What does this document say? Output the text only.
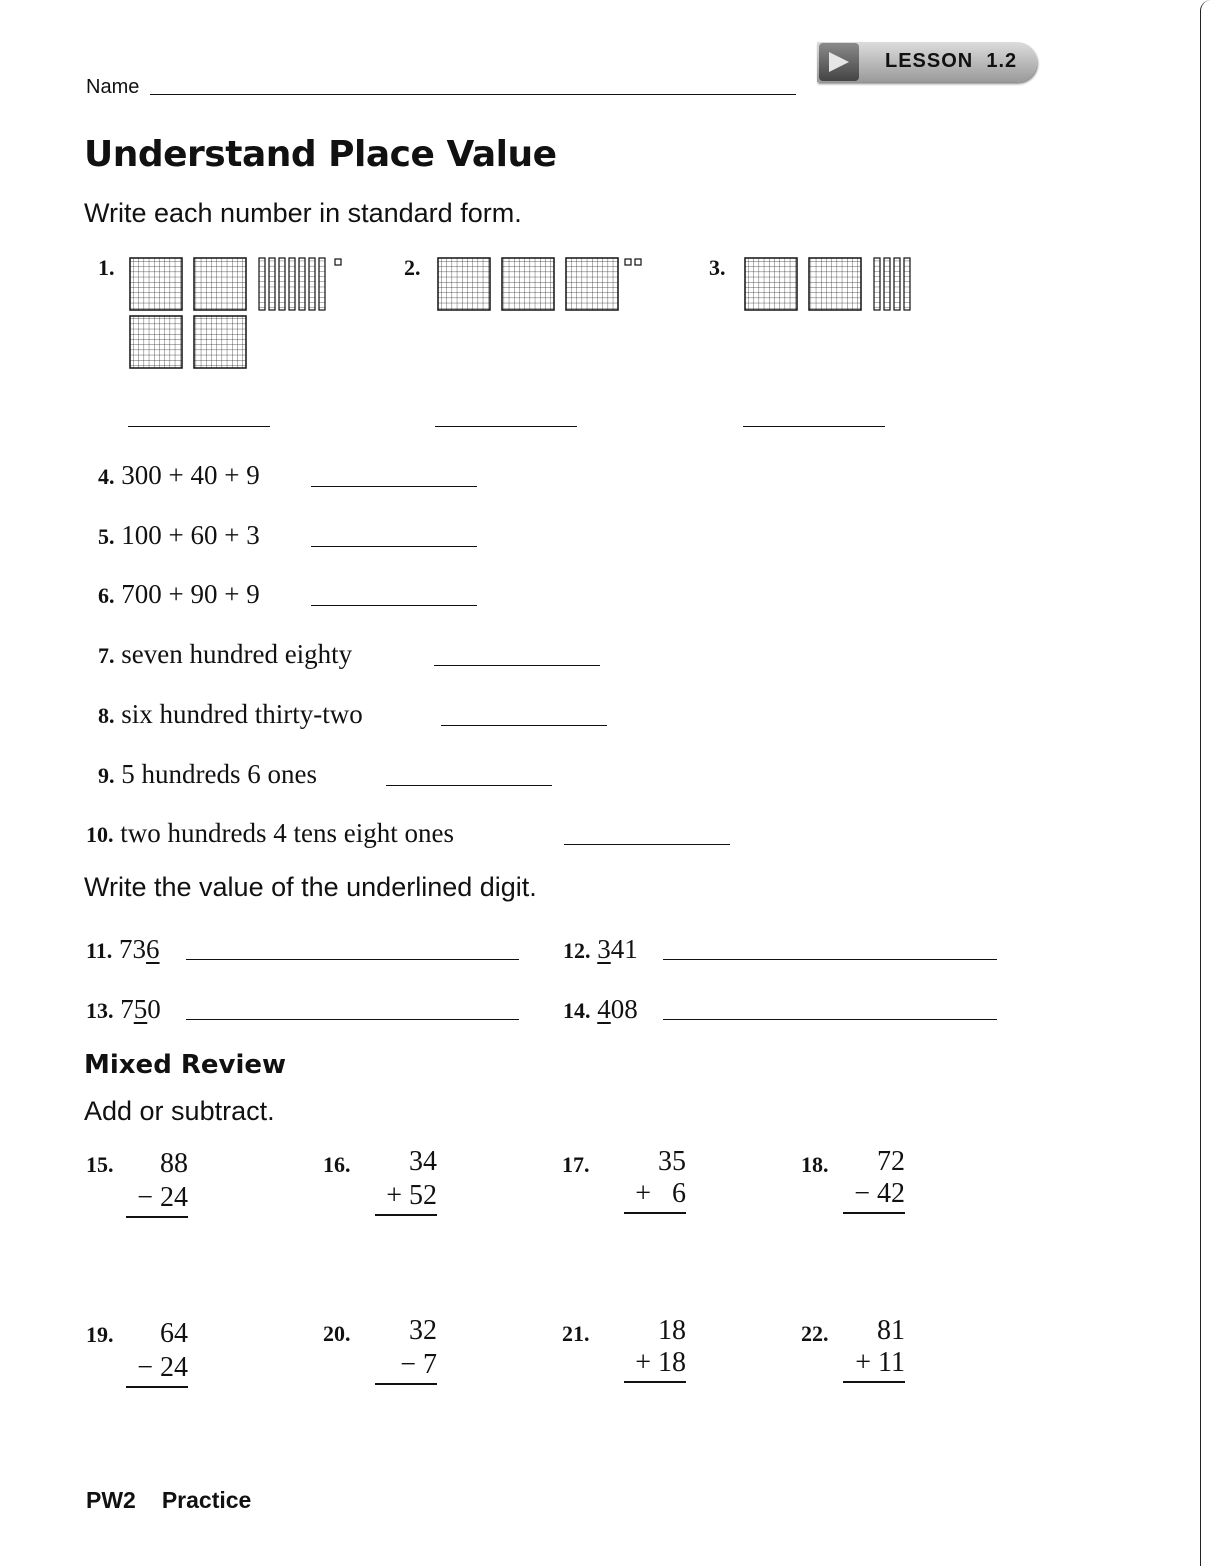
Name
LESSON  1.2
Understand Place Value
Write each number in standard form.
1.	2.	3.
4. 300 + 40 + 9
5. 100 + 60 + 3
6. 700 + 90 + 9
7. seven hundred eighty
8. six hundred thirty-two
9. 5 hundreds 6 ones
10. two hundreds 4 tens eight ones
Write the value of the underlined digit.
11. 736	12. 341
13. 750	14. 408
Mixed Review
Add or subtract.
15.	88
− 24
16.	34
+ 52
17.	35
+   6
18.	72
− 42
19.	64
− 24
20.	32
− 7
21.	18
+ 18
22.	81
+ 11
PW2 Practice
